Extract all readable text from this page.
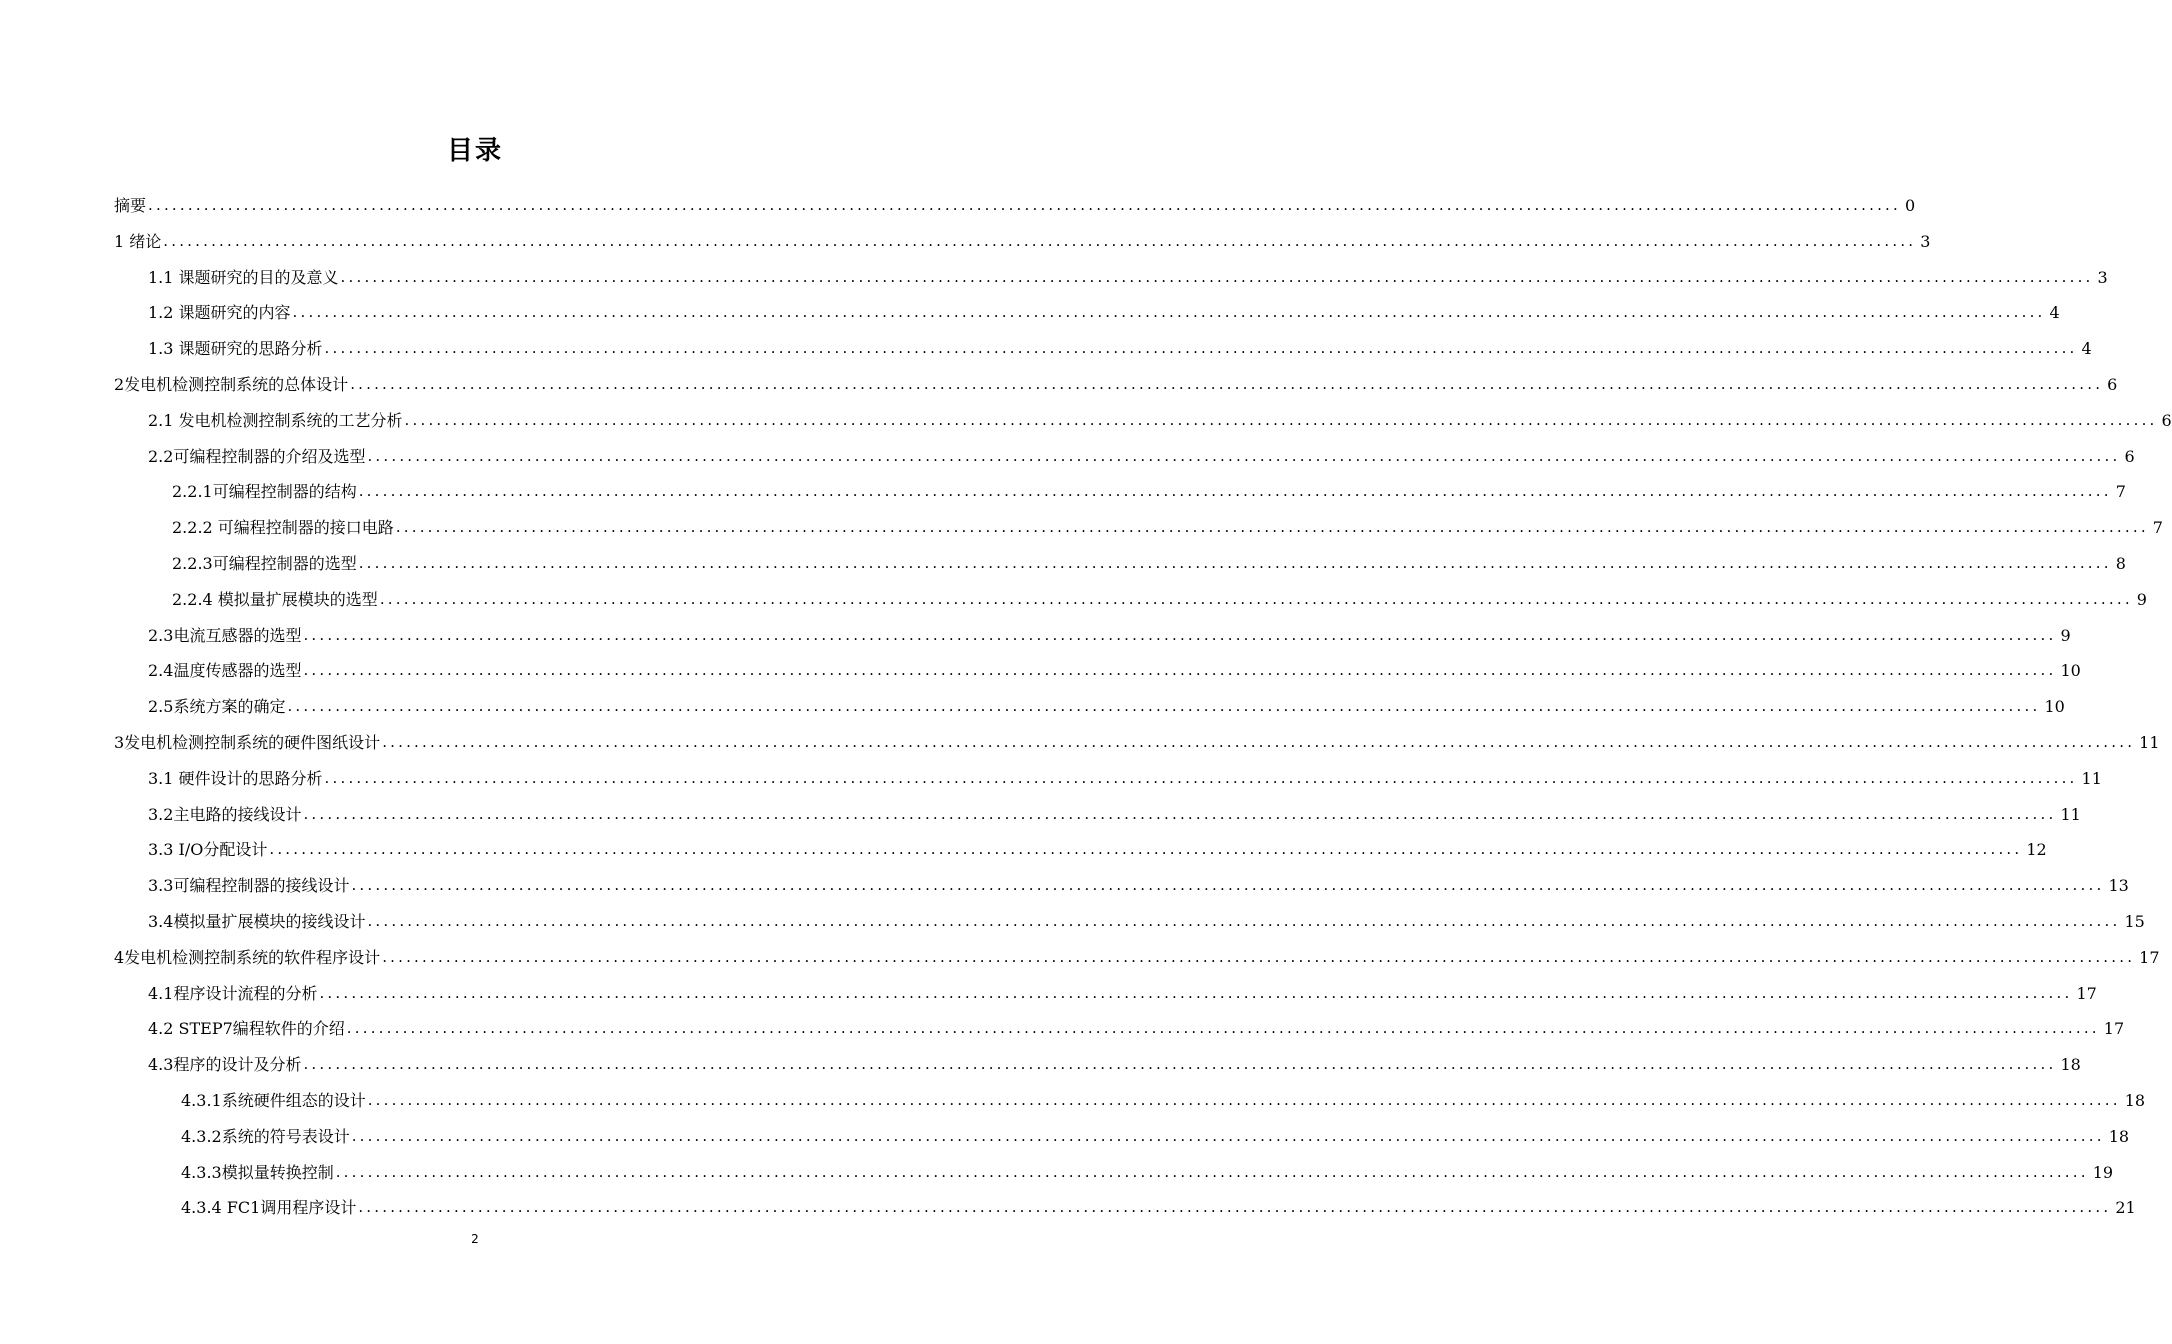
目录
摘要 ............................................................................................................................................................................................................................ 0
1 绪论 ............................................................................................................................................................................................................................ 3
1.1 课题研究的目的及意义 ............................................................................................................................................................................................................................ 3
1.2 课题研究的内容 ............................................................................................................................................................................................................................ 4
1.3 课题研究的思路分析 ............................................................................................................................................................................................................................ 4
2发电机检测控制系统的总体设计 ............................................................................................................................................................................................................................ 6
2.1 发电机检测控制系统的工艺分析 ............................................................................................................................................................................................................................ 6
2.2可编程控制器的介绍及选型 ............................................................................................................................................................................................................................ 6
2.2.1可编程控制器的结构 ............................................................................................................................................................................................................................ 7
2.2.2 可编程控制器的接口电路 ............................................................................................................................................................................................................................ 7
2.2.3可编程控制器的选型 ............................................................................................................................................................................................................................ 8
2.2.4 模拟量扩展模块的选型 ............................................................................................................................................................................................................................ 9
2.3电流互感器的选型 ............................................................................................................................................................................................................................ 9
2.4温度传感器的选型 ............................................................................................................................................................................................................................ 10
2.5系统方案的确定 ............................................................................................................................................................................................................................ 10
3发电机检测控制系统的硬件图纸设计 ............................................................................................................................................................................................................................ 11
3.1 硬件设计的思路分析 ............................................................................................................................................................................................................................ 11
3.2主电路的接线设计 ............................................................................................................................................................................................................................ 11
3.3 I/O分配设计 ............................................................................................................................................................................................................................ 12
3.3可编程控制器的接线设计 ............................................................................................................................................................................................................................ 13
3.4模拟量扩展模块的接线设计 ............................................................................................................................................................................................................................ 15
4发电机检测控制系统的软件程序设计 ............................................................................................................................................................................................................................ 17
4.1程序设计流程的分析 ............................................................................................................................................................................................................................ 17
4.2 STEP7编程软件的介绍 ............................................................................................................................................................................................................................ 17
4.3程序的设计及分析 ............................................................................................................................................................................................................................ 18
4.3.1系统硬件组态的设计 ............................................................................................................................................................................................................................ 18
4.3.2系统的符号表设计 ............................................................................................................................................................................................................................ 18
4.3.3模拟量转换控制 ............................................................................................................................................................................................................................ 19
4.3.4 FC1调用程序设计 ............................................................................................................................................................................................................................ 21
2
